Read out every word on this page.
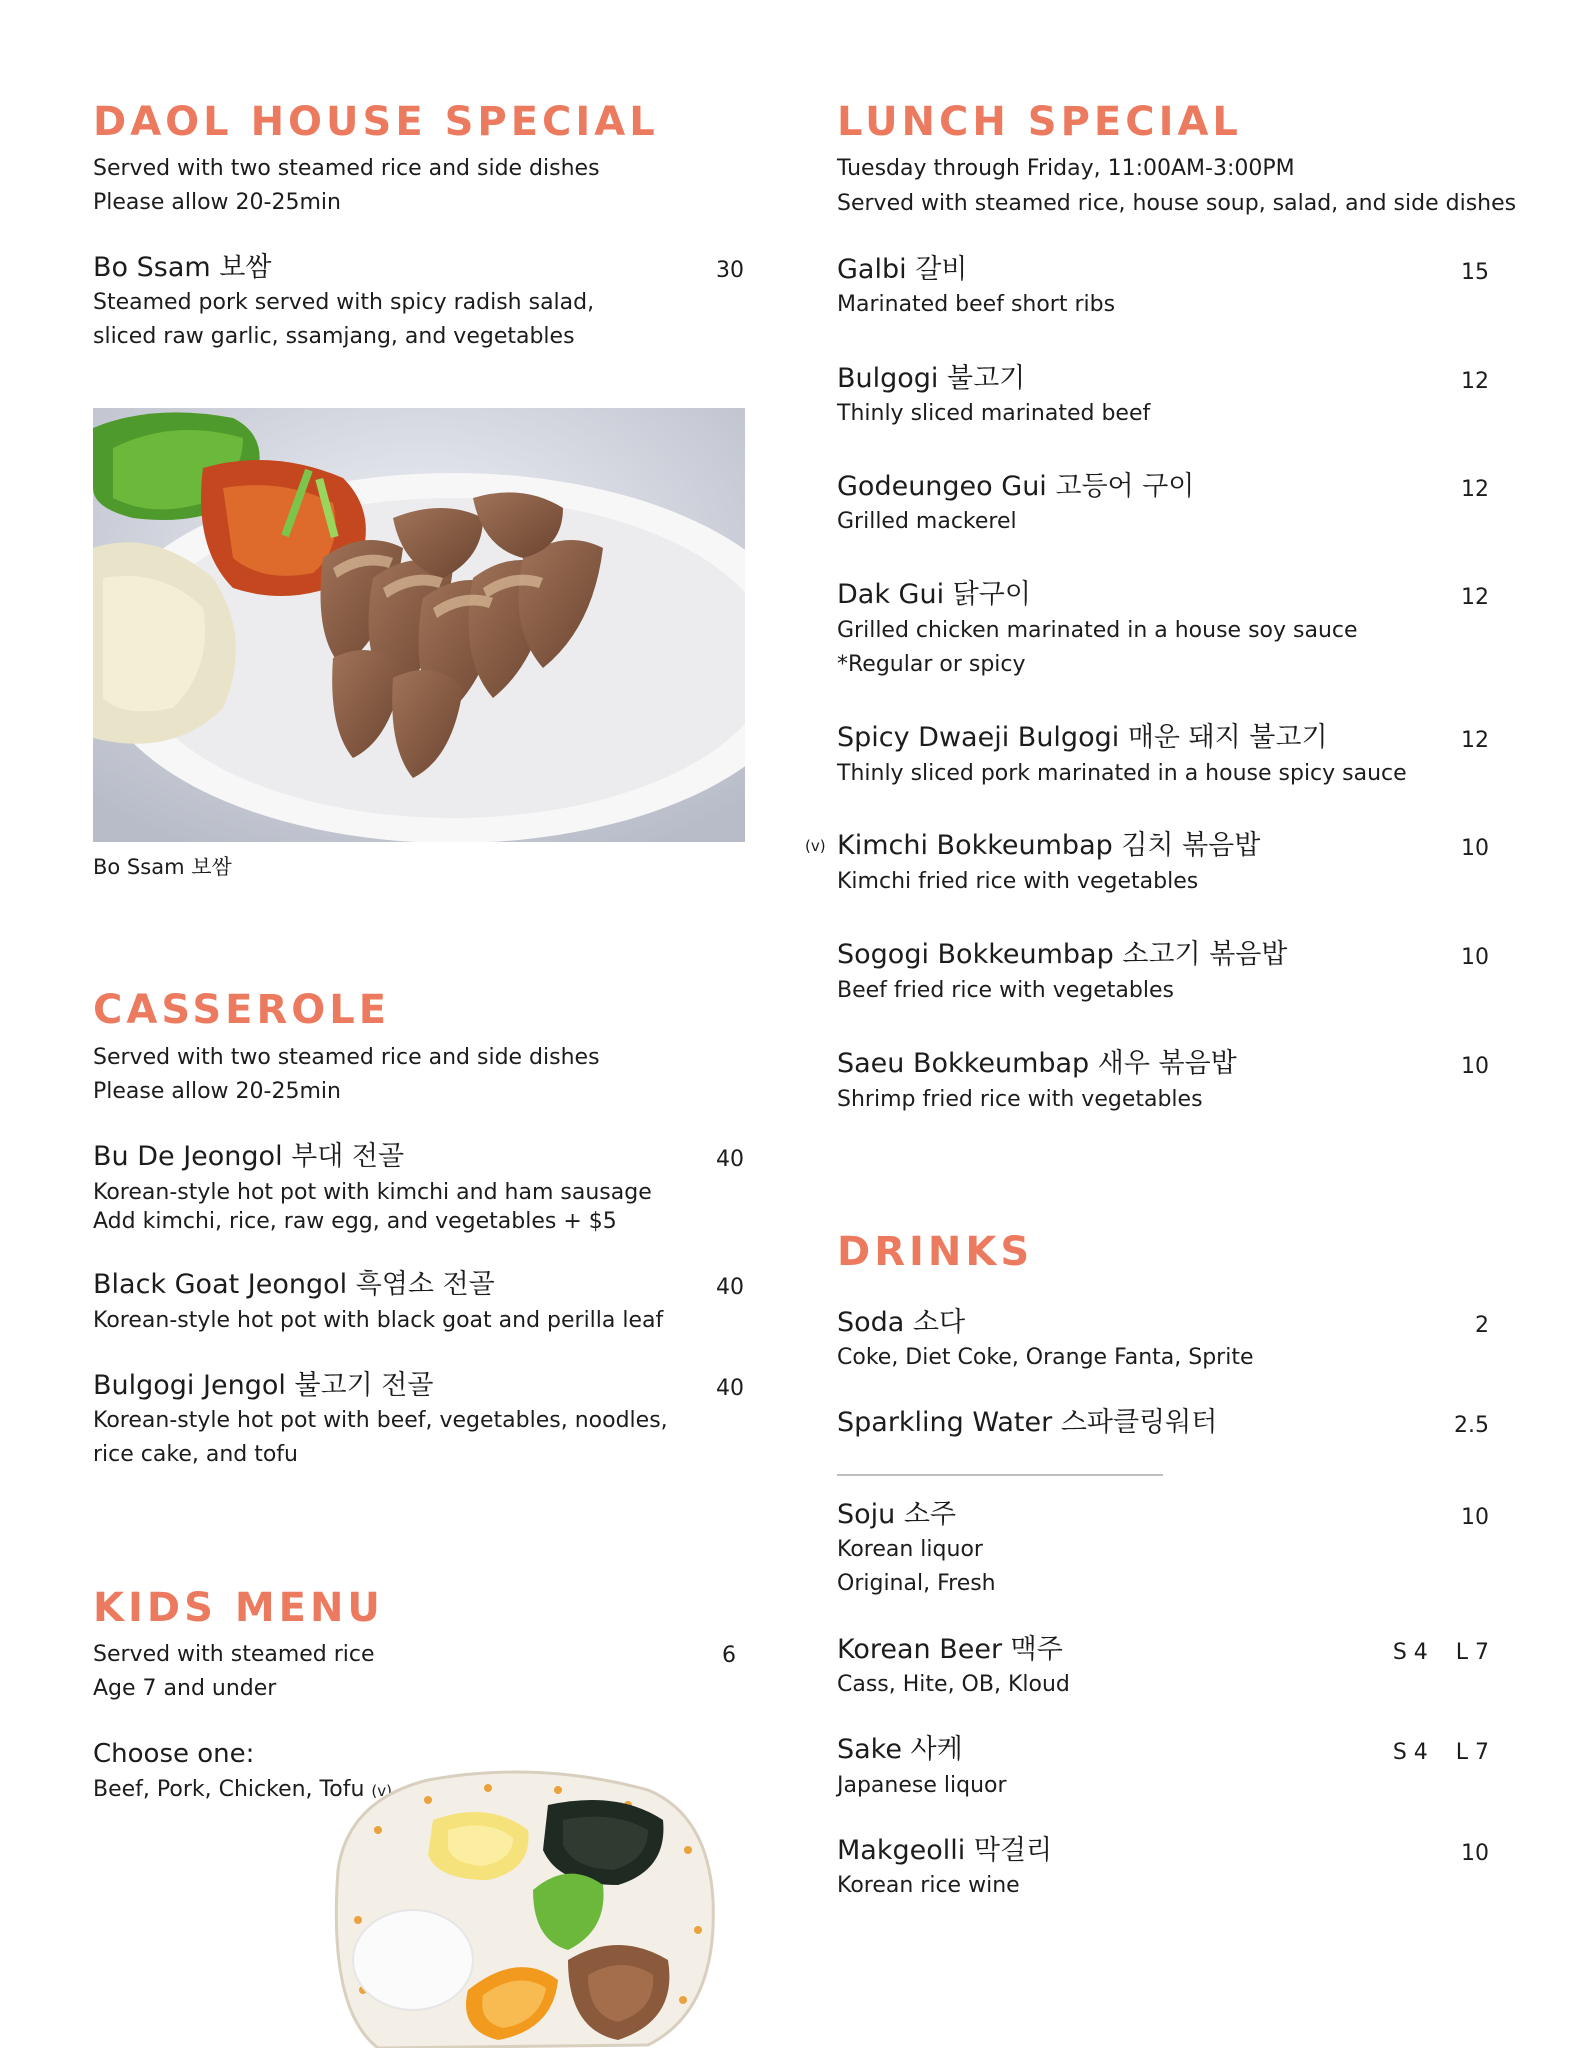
DAOL HOUSE SPECIAL
Served with two steamed rice and side dishes
Please allow 20-25min
Bo Ssam 보쌈	30
Steamed pork served with spicy radish salad,
sliced raw garlic, ssamjang, and vegetables
Bo Ssam 보쌈
CASSEROLE
Served with two steamed rice and side dishes
Please allow 20-25min
Bu De Jeongol 부대 전골	40
Korean-style hot pot with kimchi and ham sausage
Add kimchi, rice, raw egg, and vegetables + $5
Black Goat Jeongol 흑염소 전골	40
Korean-style hot pot with black goat and perilla leaf
Bulgogi Jengol 불고기 전골	40
Korean-style hot pot with beef, vegetables, noodles,
rice cake, and tofu
KIDS MENU
Served with steamed rice	6
Age 7 and under
Choose one:
Beef, Pork, Chicken, Tofu (v)
LUNCH SPECIAL
Tuesday through Friday, 11:00AM-3:00PM
Served with steamed rice, house soup, salad, and side dishes
Galbi 갈비	15
Marinated beef short ribs
Bulgogi 불고기	12
Thinly sliced marinated beef
Godeungeo Gui 고등어 구이	12
Grilled mackerel
Dak Gui 닭구이	12
Grilled chicken marinated in a house soy sauce
*Regular or spicy
Spicy Dwaeji Bulgogi 매운 돼지 불고기	12
Thinly sliced pork marinated in a house spicy sauce
(v) Kimchi Bokkeumbap 김치 볶음밥	10
Kimchi fried rice with vegetables
Sogogi Bokkeumbap 소고기 볶음밥	10
Beef fried rice with vegetables
Saeu Bokkeumbap 새우 볶음밥	10
Shrimp fried rice with vegetables
DRINKS
Soda 소다	2
Coke, Diet Coke, Orange Fanta, Sprite
Sparkling Water 스파클링워터	2.5
Soju 소주	10
Korean liquor
Original, Fresh
Korean Beer 맥주	S 4    L 7
Cass, Hite, OB, Kloud
Sake 사케	S 4    L 7
Japanese liquor
Makgeolli 막걸리	10
Korean rice wine
